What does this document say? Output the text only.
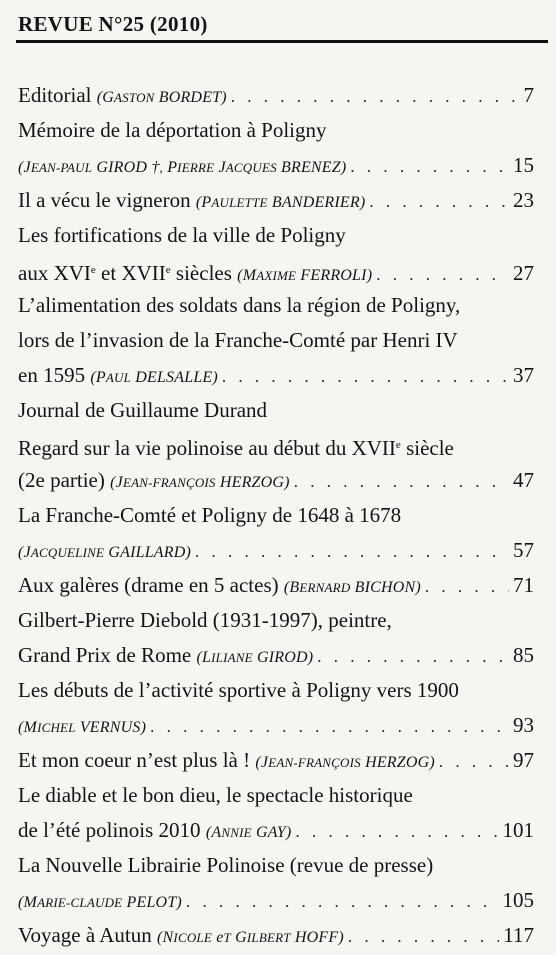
REVUE N°25 (2010)
Editorial (GASTON BORDET) . . .	7
Mémoire de la déportation à Poligny
(JEAN-PAUL GIROD †, PIERRE JACQUES BRENEZ) . . .	15
Il a vécu le vigneron (PAULETTE BANDERIER) . . .	23
Les fortifications de la ville de Poligny
aux XVIe et XVIIe siècles (MAXIME FERROLI) . . .	27
L’alimentation des soldats dans la région de Poligny,
lors de l’invasion de la Franche-Comté par Henri IV
en 1595 (PAUL DELSALLE) . . .	37
Journal de Guillaume Durand
Regard sur la vie polinoise au début du XVIIe siècle
(2e partie) (JEAN-FRANÇOIS HERZOG) . . .	47
La Franche-Comté et Poligny de 1648 à 1678
(JACQUELINE GAILLARD) . . .	57
Aux galères (drame en 5 actes) (BERNARD BICHON) . . .	71
Gilbert-Pierre Diebold (1931-1997), peintre,
Grand Prix de Rome (LILIANE GIROD) . . .	85
Les débuts de l’activité sportive à Poligny vers 1900
(MICHEL VERNUS) . . .	93
Et mon coeur n’est plus là ! (JEAN-FRANÇOIS HERZOG) . . .	97
Le diable et le bon dieu, le spectacle historique
de l’été polinois 2010 (ANNIE GAY) . . .	101
La Nouvelle Librairie Polinoise (revue de presse)
(MARIE-CLAUDE PELOT) . . .	105
Voyage à Autun (NICOLE eT GILBERT HOFF) . . .	117
